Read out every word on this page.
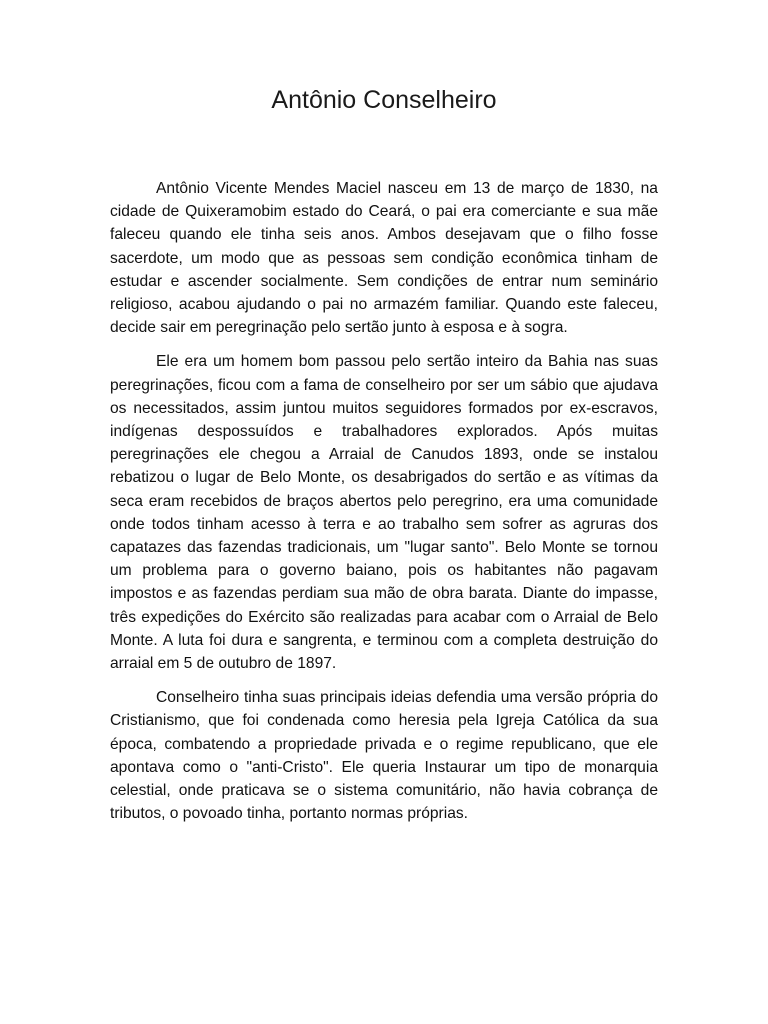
Antônio Conselheiro

Antônio Vicente Mendes Maciel nasceu em 13 de março de 1830, na cidade de Quixeramobim estado do Ceará, o pai era comerciante e sua mãe faleceu quando ele tinha seis anos. Ambos desejavam que o filho fosse sacerdote, um modo que as pessoas sem condição econômica tinham de estudar e ascender socialmente. Sem condições de entrar num seminário religioso, acabou ajudando o pai no armazém familiar. Quando este faleceu, decide sair em peregrinação pelo sertão junto à esposa e à sogra.

Ele era um homem bom passou pelo sertão inteiro da Bahia nas suas peregrinações, ficou com a fama de conselheiro por ser um sábio que ajudava os necessitados, assim juntou muitos seguidores formados por ex-escravos, indígenas despossuídos e trabalhadores explorados. Após muitas peregrinações ele chegou a Arraial de Canudos 1893, onde se instalou rebatizou o lugar de Belo Monte, os desabrigados do sertão e as vítimas da seca eram recebidos de braços abertos pelo peregrino, era uma comunidade onde todos tinham acesso à terra e ao trabalho sem sofrer as agruras dos capatazes das fazendas tradicionais, um "lugar santo". Belo Monte se tornou um problema para o governo baiano, pois os habitantes não pagavam impostos e as fazendas perdiam sua mão de obra barata. Diante do impasse, três expedições do Exército são realizadas para acabar com o Arraial de Belo Monte. A luta foi dura e sangrenta, e terminou com a completa destruição do arraial em 5 de outubro de 1897.

Conselheiro tinha suas principais ideias defendia uma versão própria do Cristianismo, que foi condenada como heresia pela Igreja Católica da sua época, combatendo a propriedade privada e o regime republicano, que ele apontava como o "anti-Cristo". Ele queria Instaurar um tipo de monarquia celestial, onde praticava se o sistema comunitário, não havia cobrança de tributos, o povoado tinha, portanto normas próprias.
